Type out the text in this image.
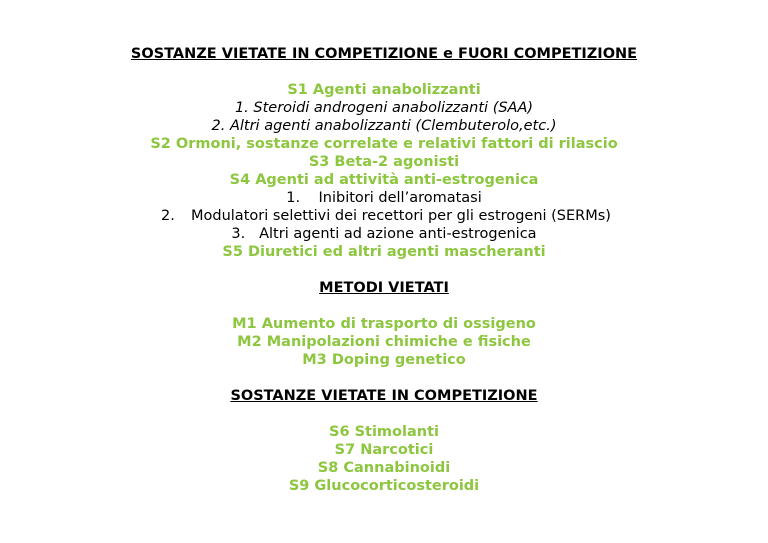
SOSTANZE VIETATE IN COMPETIZIONE e FUORI COMPETIZIONE
S1 Agenti anabolizzanti
1. Steroidi androgeni anabolizzanti (SAA)
2. Altri agenti anabolizzanti (Clembuterolo,etc.)
S2 Ormoni, sostanze correlate e relativi fattori di rilascio
S3 Beta-2 agonisti
S4 Agenti ad attività anti-estrogenica
1. Inibitori dell’aromatasi
2. Modulatori selettivi dei recettori per gli estrogeni (SERMs)
3. Altri agenti ad azione anti-estrogenica
S5 Diuretici ed altri agenti mascheranti
METODI VIETATI
M1 Aumento di trasporto di ossigeno
M2 Manipolazioni chimiche e fisiche
M3 Doping genetico
SOSTANZE VIETATE IN COMPETIZIONE
S6 Stimolanti
S7 Narcotici
S8 Cannabinoidi
S9 Glucocorticosteroidi
